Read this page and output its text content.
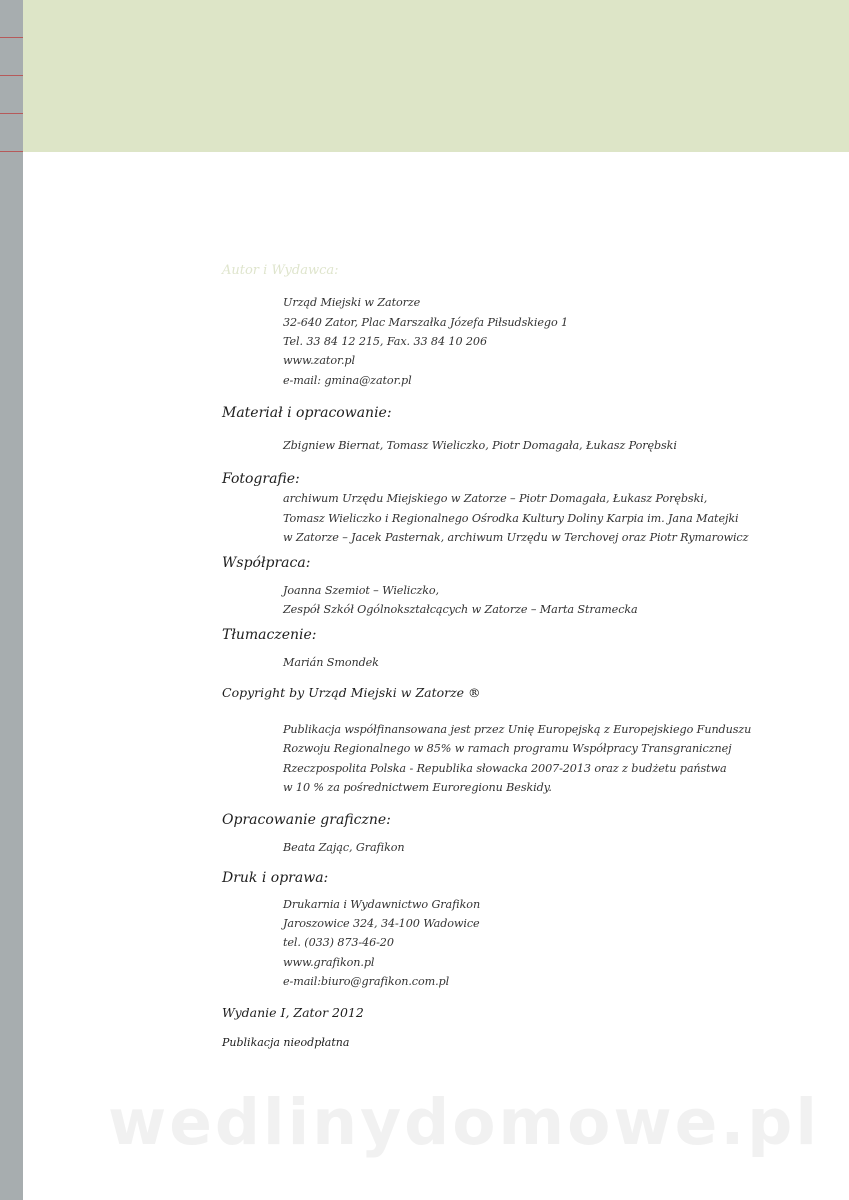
Autor i Wydawca:
Urząd Miejski w Zatorze
32-640 Zator, Plac Marszałka Józefa Piłsudskiego 1
Tel. 33 84 12 215, Fax. 33 84 10 206
www.zator.pl
e-mail: gmina@zator.pl
Materiał i opracowanie:
Zbigniew Biernat, Tomasz Wieliczko, Piotr Domagała, Łukasz Porębski
Fotografie:
archiwum Urzędu Miejskiego w Zatorze – Piotr Domagała, Łukasz Porębski,
Tomasz Wieliczko i Regionalnego Ośrodka Kultury Doliny Karpia im. Jana Matejki
w Zatorze – Jacek Pasternak, archiwum Urzędu w Terchovej oraz Piotr Rymarowicz
Współpraca:
Joanna Szemiot – Wieliczko,
Zespół Szkół Ogólnokształcących w Zatorze – Marta Stramecka
Tłumaczenie:
Marián Smondek
Copyright by Urząd Miejski w Zatorze ®
Publikacja współfinansowana jest przez Unię Europejską z Europejskiego Funduszu
Rozwoju Regionalnego w 85% w ramach programu Współpracy Transgranicznej
Rzeczpospolita Polska - Republika słowacka 2007-2013 oraz z budżetu państwa
w 10 % za pośrednictwem Euroregionu Beskidy.
Opracowanie graficzne:
Beata Zając, Grafikon
Druk i oprawa:
Drukarnia i Wydawnictwo Grafikon
Jaroszowice 324, 34-100 Wadowice
tel. (033) 873-46-20
www.grafikon.pl
e-mail:biuro@grafikon.com.pl
Wydanie I, Zator 2012
Publikacja nieodpłatna
wedlinydomowe.pl
